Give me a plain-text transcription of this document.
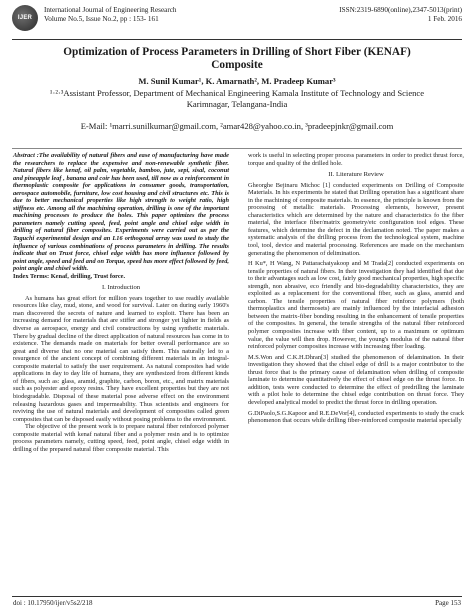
IJER
International Journal of Engineering Research
Volume No.5, Issue No.2, pp : 153- 161
ISSN:2319-6890(online),2347-5013(print)
1 Feb. 2016
Optimization of Process Parameters in Drilling of Short Fiber (KENAF)
Composite
M. Sunil Kumar¹, K. Amarnath², M. Pradeep Kumar³
¹·²·³Assistant Professor, Department of Mechanical Engineering Kamala Institute of Technology and Science
Karimnagar, Telangana-India
E-Mail: ¹marri.sunilkumar@gmail.com, ²amar428@yahoo.co.in, ³pradeepjnkr@gmail.com

Abstract :The availability of natural fibers and ease of manufacturing have made the researchers to replace the expensive and non-renewable synthetic fiber. Natural fibers like kenaf, oil palm, vegetable, bamboo, jute, sepi, sisal, coconut and pineapple leaf , banana and coir has been used, till now as a reinforcement in thermoplastic composite for applications in consumer goods, transportation, aerospace automobile, furniture, low cost housing and civil structures etc. This is due to better mechanical properties like high strength to weight ratio, high stiffness etc. Among all the machining operation, drilling is one of the important machining processes to produce the holes. This paper optimizes the process parameters namely cutting speed, feed, point angle and chisel edge width in drilling of natural fiber composites. Experiments were carried out as per the Taguchi experimental design and an L16 orthogonal array was used to study the influence of various combinations of process parameters in drilling. The results indicate that on Trust force, chisel edge width has more influence followed by point angle, speed and feed and on Torque, speed has more effect followed by feed, point angle and chisel width.

Index Terms: Kenaf, drilling, Trust force.

I. Introduction

As humans has great effort for million years together to use readily available resources like clay, mud, stone, and wood for survival. Later on during early 1960's man discovered the secrets of nature and learned to exploit. There has been an increasing demand for materials that are stiffer and stronger yet lighter in fields as diverse as aerospace, energy and civil constructions by using synthetic materials. There by gradual decline of the direct application of natural resources has come in to existence. The demands made on materials for better overall performance are so great and diverse that no one material can satisfy them. This naturally led to a resurgence of the ancient concept of combining different materials in an integral-composite material to satisfy the user requirement. As natural composites had wide applications in day to day life of humans, they are synthesized from different kinds of fibers, such as: glass, aramid, graphite, carbon, boron, etc., and matrix materials such as polyester and epoxy resins. They have excellent properties but they are not biodegradable. Disposal of these material pose adverse effect on the environment releasing hazardous gases and impermeability. Thus scientists and engineers for reviving the use of natural materials and development of composites called green composites that can be disposed easily without posing problems to the environment.

The objective of the present work is to prepare natural fiber reinforced polymer composite material with kenaf natural fiber and a polymer resin and is to optimize process parameters namely, cutting speed, feed, point angle, chisel edge width in drilling of the prepared natural fiber composite material. This

work is useful in selecting proper process parameters in order to predict thrust force, torque and quality of the drilled hole.

II. Literature Review

Gheorghe Bejinaru Michoc [1] conducted experiments on Drilling of Composite Materials. In his experiments he stated that Drilling operation has a significant share in the machining of composite materials. In essence, the principle is known from the processing of metallic materials. Processing elements, however, present characteristics which are determined by the nature and characteristics fo the fiber material, the interface fiber/matrix geometry/etc configuration tool edges. These features, which determine the defect in the declamation noted. The paper makes a systematic analysis of the drilling process from the technological system, machine tool, tool, device and material processing. References are made on the mechanism generating the phenomenon of delimination.

H Ku*, H Wang, N Pattarachaiyakoop and M Trada[2] conducted experiments on tensile properties of natural fibers. In their investigation they had identified that due to their advantages such as low cost, fairly good mechanical properties, high specific strength, non abrasive, eco friendly and bio-degradability characteristics, they are exploited as a replacement for the conventional fiber, such as glass, aramid and carbon. The tensile properties of natural fiber reinforce polymers (both thermoplastics and thermosets) are mainly influenced by the interfacial adhesion between the matrix-fiber bonding resulting in the enhancement of tensile properties of the composites. In general, the tensile strengths of the natural fiber reinforced polymer composites increase with fiber content, up to a maximum or optimum value, the value will then drop. However, the young's modulus of the natural fiber reinforced polymer composites increase with increasing fiber loading.

M.S.Won and C.K.H.Dhran[3] studied the phenomenon of delamination. In their investigation they showed that the chisel edge of drill is a major contributor to the thrust force that is the primary cause of delamination when drilling of composite laminate to determine quantitatively the effect of chisel edge on the thrust force. In addition, tests were conducted to determine the effect of predrilling the laminate with a pilot hole to determine the chisel edge contribution on thrust force. They developed analytical model to predict the thrust force in drilling operation.

G.DiPaolo,S.G.Kapoor and R.E.DeVor[4], conducted experiments to study the crack phenomenon that occurs while drilling fiber-reinforced composite material specially

doi : 10.17950/ijer/v5s2/218	Page 153
